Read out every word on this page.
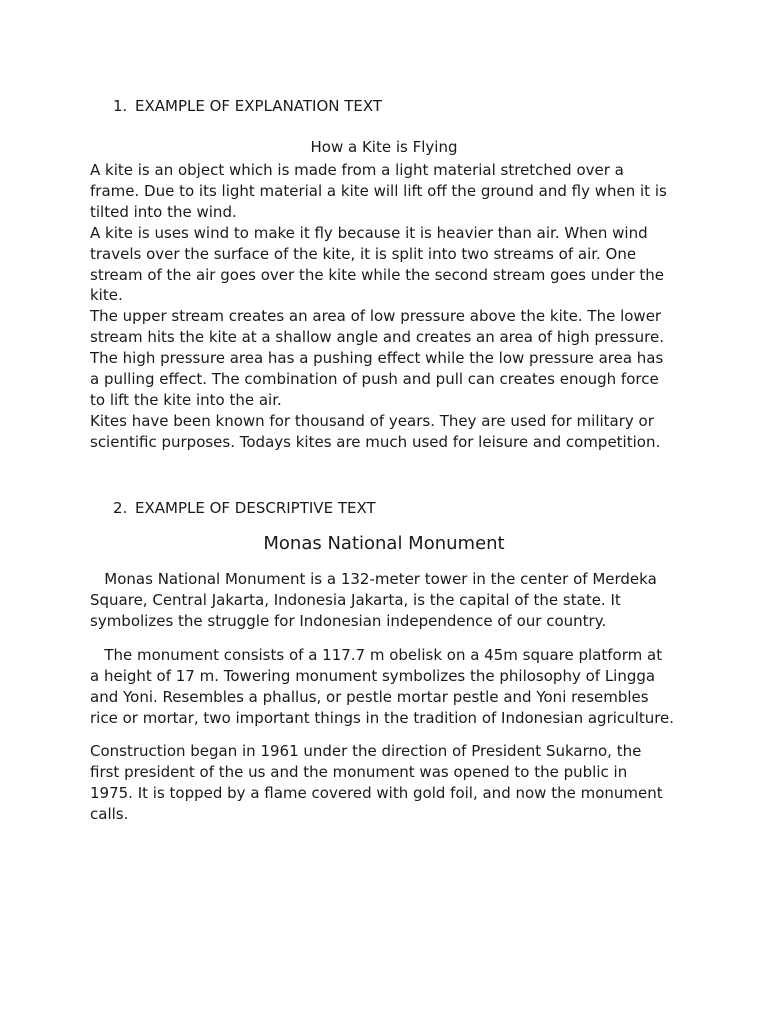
1. EXAMPLE OF EXPLANATION TEXT
How a Kite is Flying

A kite is an object which is made from a light material stretched over a

frame. Due to its light material a kite will lift off the ground and fly when it is

tilted into the wind.

A kite is uses wind to make it fly because it is heavier than air. When wind

travels over the surface of the kite, it is split into two streams of air. One

stream of the air goes over the kite while the second stream goes under the

kite.

The upper stream creates an area of low pressure above the kite. The lower

stream hits the kite at a shallow angle and creates an area of high pressure.

The high pressure area has a pushing effect while the low pressure area has

a pulling effect. The combination of push and pull can creates enough force

to lift the kite into the air.

Kites have been known for thousand of years. They are used for military or

scientific purposes. Todays kites are much used for leisure and competition.

2. EXAMPLE OF DESCRIPTIVE TEXT
Monas National Monument
Monas National Monument is a 132-meter tower in the center of Merdeka
Square, Central Jakarta, Indonesia Jakarta, is the capital of the state. It
symbolizes the struggle for Indonesian independence of our country.
The monument consists of a 117.7 m obelisk on a 45m square platform at
a height of 17 m. Towering monument symbolizes the philosophy of Lingga
and Yoni. Resembles a phallus, or pestle mortar pestle and Yoni resembles
rice or mortar, two important things in the tradition of Indonesian agriculture.
Construction began in 1961 under the direction of President Sukarno, the
first president of the us and the monument was opened to the public in
1975. It is topped by a flame covered with gold foil, and now the monument
calls.
